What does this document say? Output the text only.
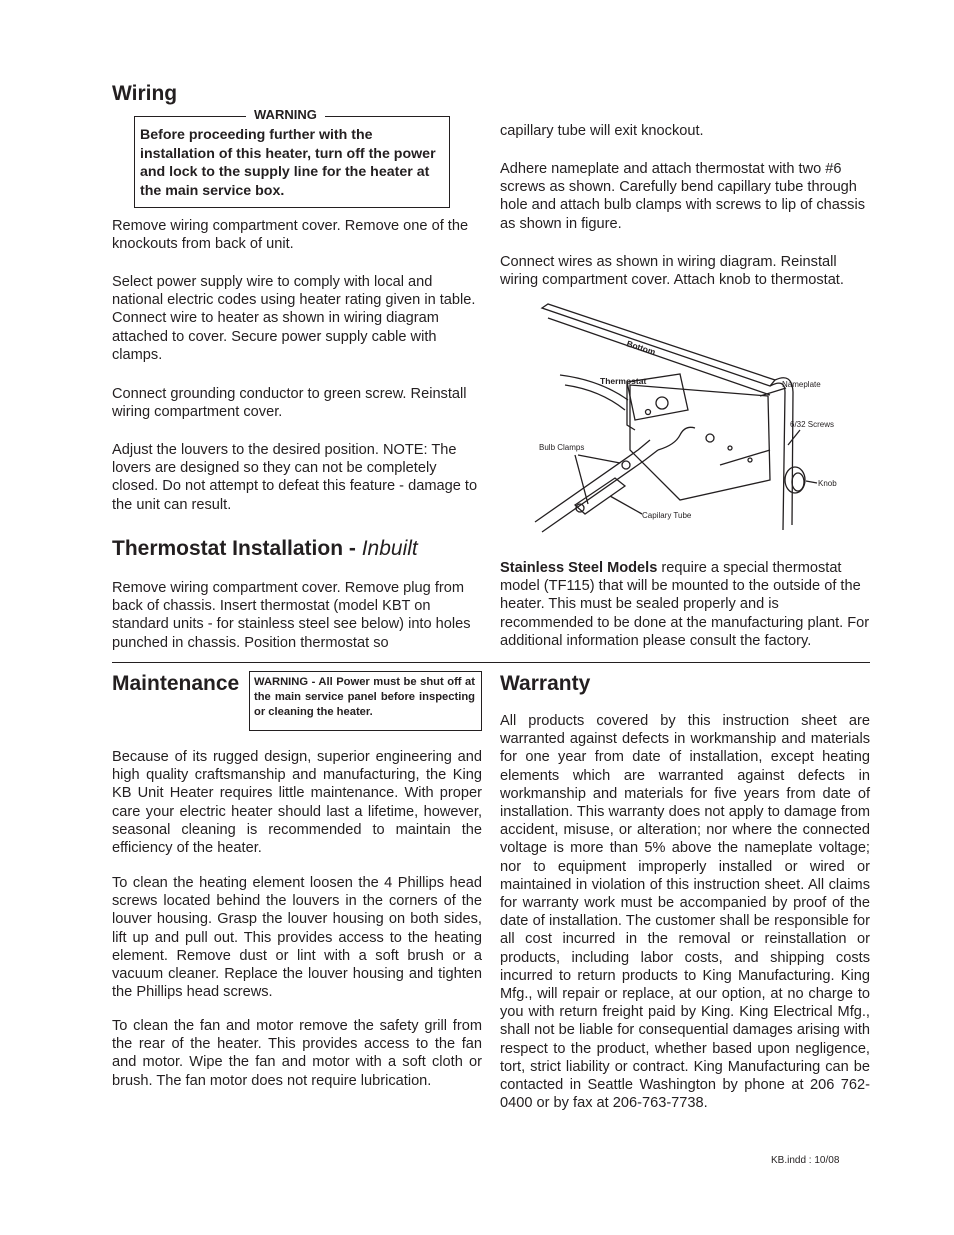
Wiring
WARNING
Before proceeding further with the installation of this heater, turn off the power and lock to the supply line for the heater at the main service box.

Remove wiring compartment cover. Remove one of the knockouts from back of unit.

Select power supply wire to comply with local and national electric codes using heater rating given in table. Connect wire to heater as shown in wiring diagram attached to cover. Secure power supply cable with clamps.

Connect grounding conductor to green screw. Reinstall wiring compartment cover.

Adjust the louvers to the desired position. NOTE: The lovers are designed so they can not be completely closed. Do not attempt to defeat this feature - damage to the unit can result.

Thermostat Installation - Inbuilt

Remove wiring compartment cover. Remove plug from back of chassis. Insert thermostat (model KBT on standard units - for stainless steel see below) into holes punched in chassis. Position thermostat so

capillary tube will exit knockout.

Adhere nameplate and attach thermostat with two #6 screws as shown. Carefully bend capillary tube through hole and attach bulb clamps with screws to lip of chassis as shown in figure.

Connect wires as shown in wiring diagram. Reinstall wiring compartment cover. Attach knob to thermostat.

Bottom
Thermostat	Nameplate
6/32 Screws
Bulb Clamps
Knob
Capilary Tube

Stainless Steel Models require a special thermostat model (TF115) that will be mounted to the outside of the heater. This must be sealed properly and is recommended to be done at the manufacturing plant. For additional information please consult the factory.

Maintenance WARNING - All Power must be shut off at the main service panel before inspecting or cleaning the heater.

Because of its rugged design, superior engineering and high quality craftsmanship and manufacturing, the King KB Unit Heater requires little maintenance. With proper care your electric heater should last a lifetime, however, seasonal cleaning is recommended to maintain the efficiency of the heater.

To clean the heating element loosen the 4 Phillips head screws located behind the louvers in the corners of the louver housing. Grasp the louver housing on both sides, lift up and pull out. This provides access to the heating element. Remove dust or lint with a soft brush or a vacuum cleaner. Replace the louver housing and tighten the Phillips head screws.

To clean the fan and motor remove the safety grill from the rear of the heater. This provides access to the fan and motor. Wipe the fan and motor with a soft cloth or brush. The fan motor does not require lubrication.

Warranty

All products covered by this instruction sheet are warranted against defects in workmanship and materials for one year from date of installation, except heating elements which are warranted against defects in workmanship and materials for five years from date of installation. This warranty does not apply to damage from accident, misuse, or alteration; nor where the connected voltage is more than 5% above the nameplate voltage; nor to equipment improperly installed or wired or maintained in violation of this instruction sheet. All claims for warranty work must be accompanied by proof of the date of installation. The customer shall be responsible for all cost incurred in the removal or reinstallation or products, including labor costs, and shipping costs incurred to return products to King Manufacturing. King Mfg., will repair or replace, at our option, at no charge to you with return freight paid by King. King Electrical Mfg., shall not be liable for consequential damages arising with respect to the product, whether based upon negligence, tort, strict liability or contract. King Manufacturing can be contacted in Seattle Washington by phone at 206 762-0400 or by fax at 206-763-7738.

KB.indd : 10/08
